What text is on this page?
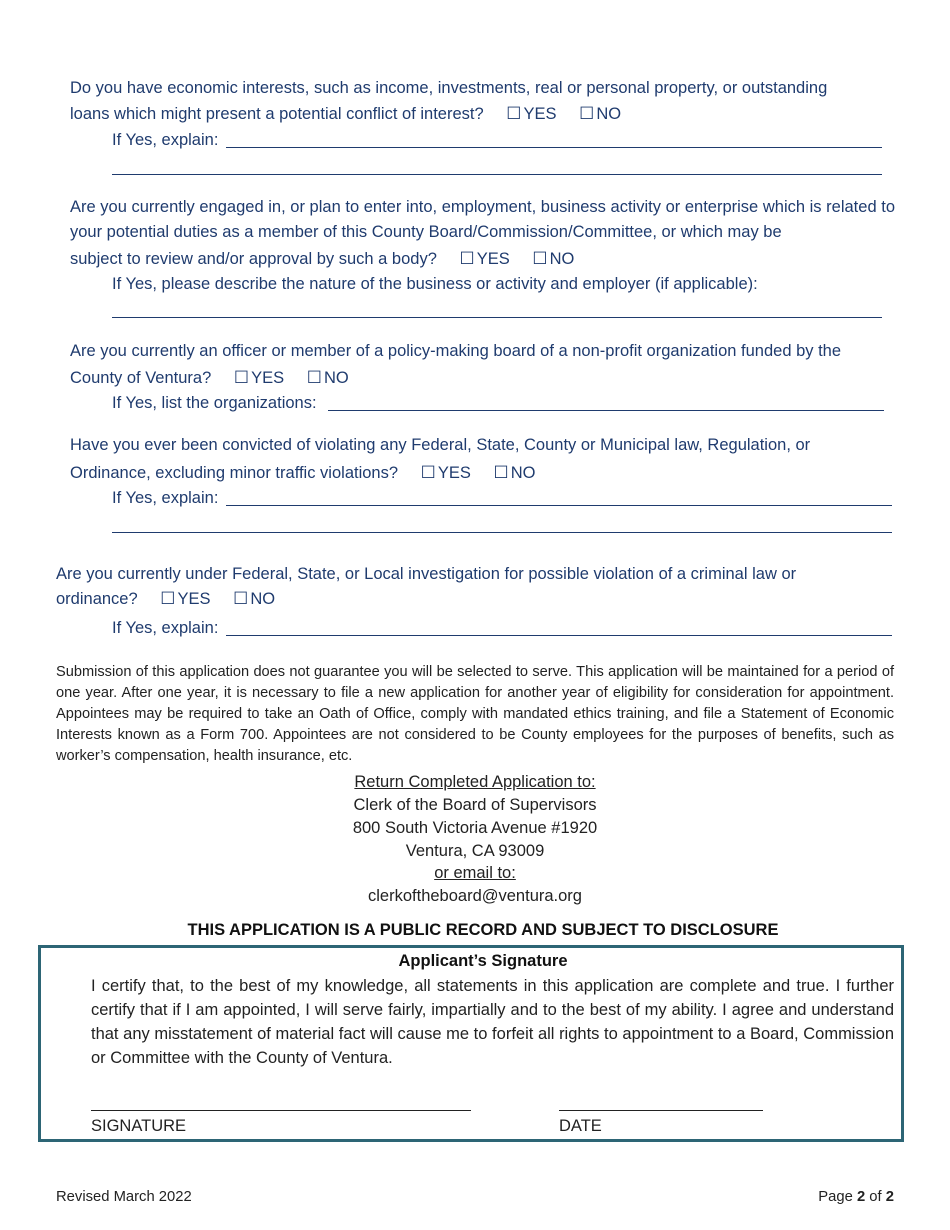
Do you have economic interests, such as income, investments, real or personal property, or outstanding
loans which might present a potential conflict of interest? ☐ YES ☐ NO
If Yes, explain:
Are you currently engaged in, or plan to enter into, employment, business activity or enterprise which is related to your potential duties as a member of this County Board/Commission/Committee, or which may be
subject to review and/or approval by such a body? ☐ YES ☐ NO
If Yes, please describe the nature of the business or activity and employer (if applicable):
Are you currently an officer or member of a policy-making board of a non-profit organization funded by the
County of Ventura? ☐ YES ☐ NO
If Yes, list the organizations:
Have you ever been convicted of violating any Federal, State, County or Municipal law, Regulation, or
Ordinance, excluding minor traffic violations? ☐ YES ☐ NO
If Yes, explain:
Are you currently under Federal, State, or Local investigation for possible violation of a criminal law or
ordinance? ☐ YES ☐ NO
If Yes, explain:
Submission of this application does not guarantee you will be selected to serve. This application will be maintained for a period of one year. After one year, it is necessary to file a new application for another year of eligibility for consideration for appointment. Appointees may be required to take an Oath of Office, comply with mandated ethics training, and file a Statement of Economic Interests known as a Form 700. Appointees are not considered to be County employees for the purposes of benefits, such as worker’s compensation, health insurance, etc.
Return Completed Application to:
Clerk of the Board of Supervisors
800 South Victoria Avenue #1920
Ventura, CA 93009
or email to:
clerkoftheboard@ventura.org
THIS APPLICATION IS A PUBLIC RECORD AND SUBJECT TO DISCLOSURE
Applicant’s Signature
I certify that, to the best of my knowledge, all statements in this application are complete and true. I further certify that if I am appointed, I will serve fairly, impartially and to the best of my ability. I agree and understand that any misstatement of material fact will cause me to forfeit all rights to appointment to a Board, Commission or Committee with the County of Ventura.
SIGNATURE	DATE
Revised March 2022	Page 2 of 2
